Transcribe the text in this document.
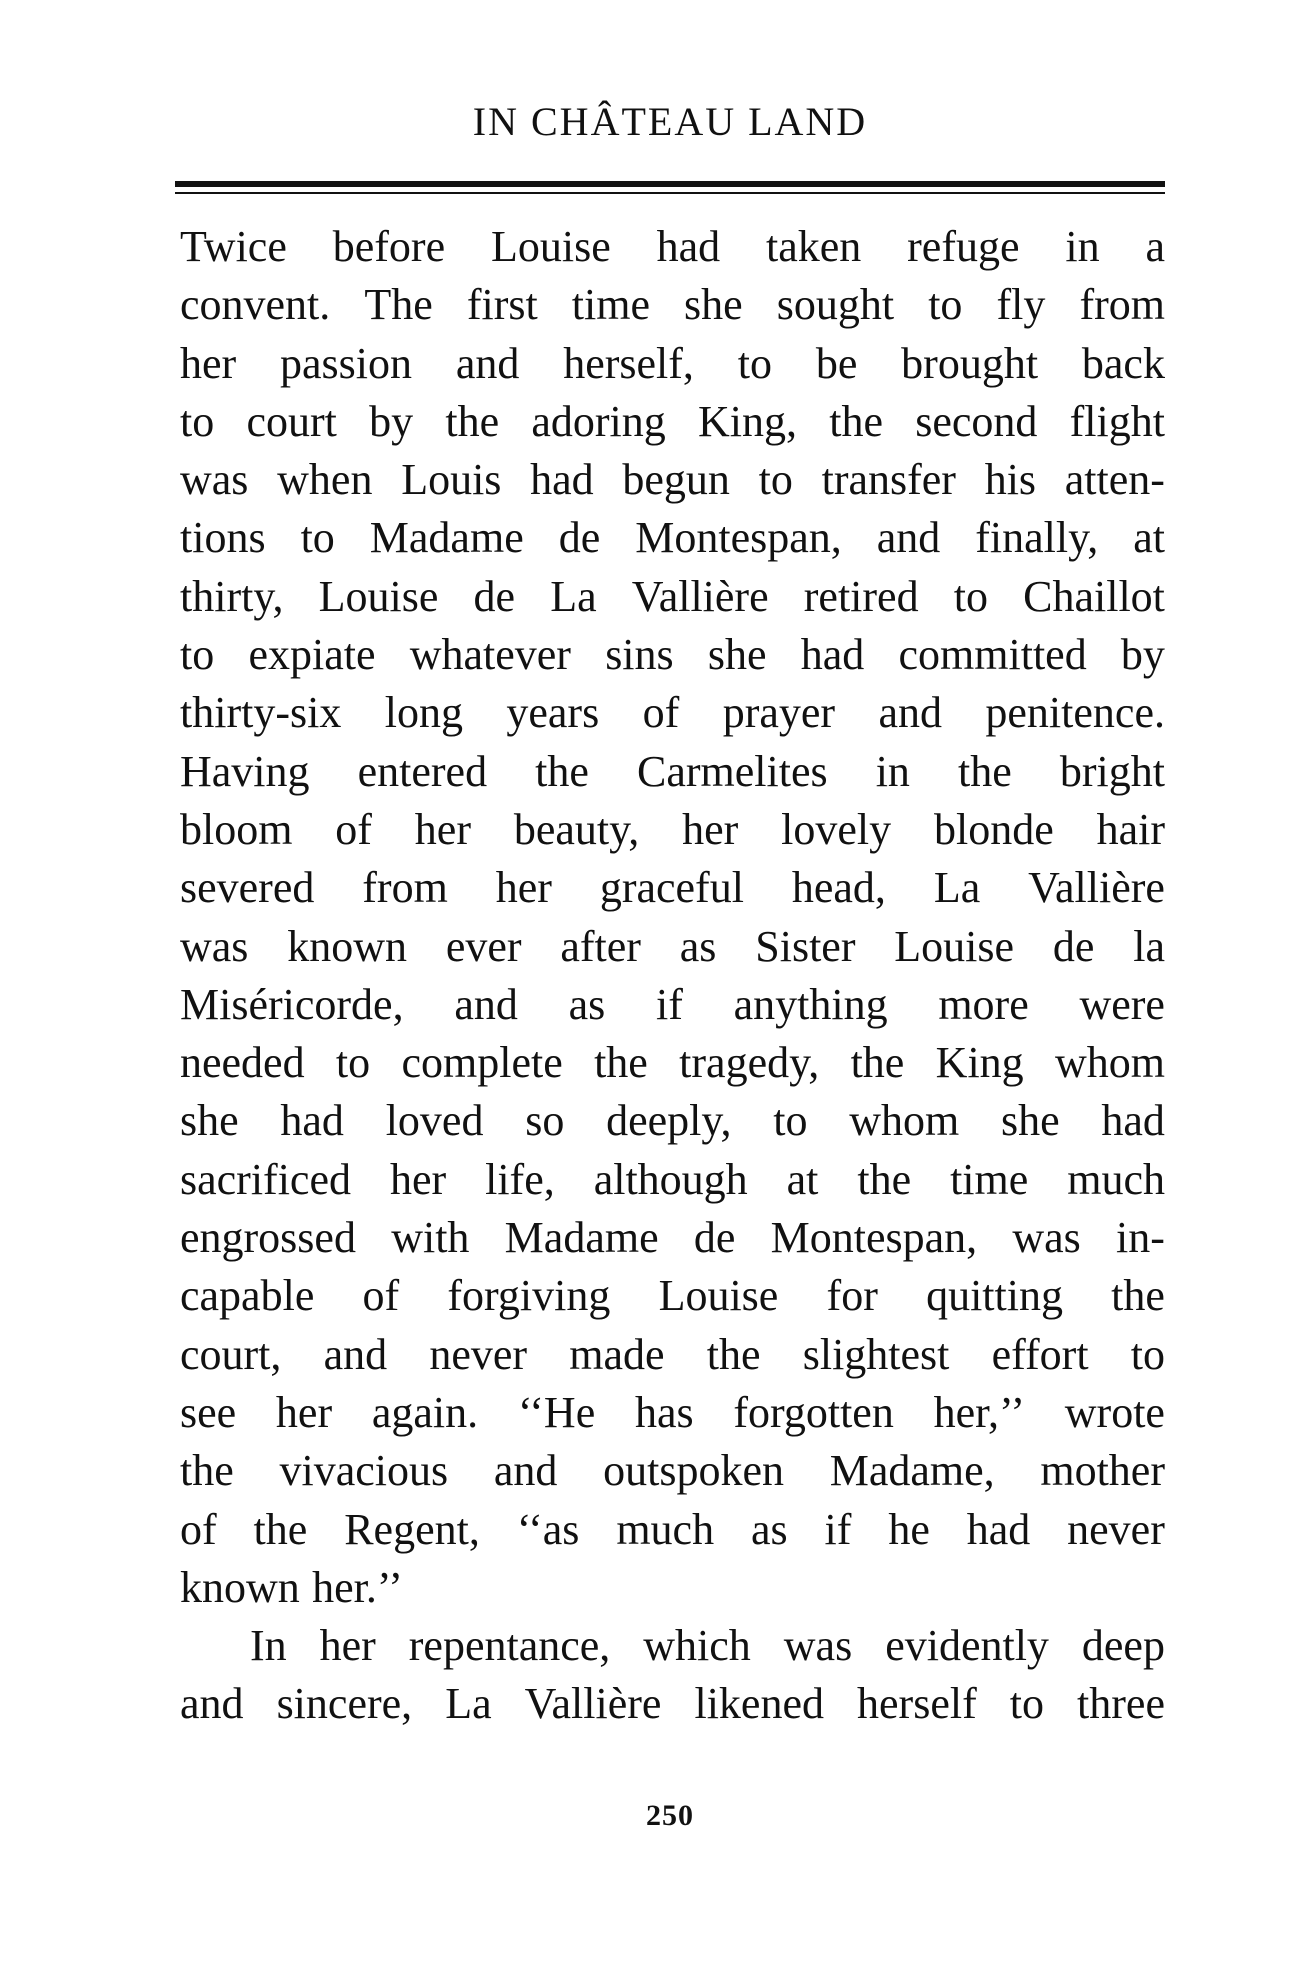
IN CHÂTEAU LAND
Twice before Louise had taken refuge in a
convent. The first time she sought to fly from
her passion and herself, to be brought back
to court by the adoring King, the second flight
was when Louis had begun to transfer his atten-
tions to Madame de Montespan, and finally, at
thirty, Louise de La Vallière retired to Chaillot
to expiate whatever sins she had committed by
thirty-six long years of prayer and penitence.
Having entered the Carmelites in the bright
bloom of her beauty, her lovely blonde hair
severed from her graceful head, La Vallière
was known ever after as Sister Louise de la
Miséricorde, and as if anything more were
needed to complete the tragedy, the King whom
she had loved so deeply, to whom she had
sacrificed her life, although at the time much
engrossed with Madame de Montespan, was in-
capable of forgiving Louise for quitting the
court, and never made the slightest effort to
see her again. ‘‘He has forgotten her,’’ wrote
the vivacious and outspoken Madame, mother
of the Regent, ‘‘as much as if he had never
known her.’’
In her repentance, which was evidently deep
and sincere, La Vallière likened herself to three
250
